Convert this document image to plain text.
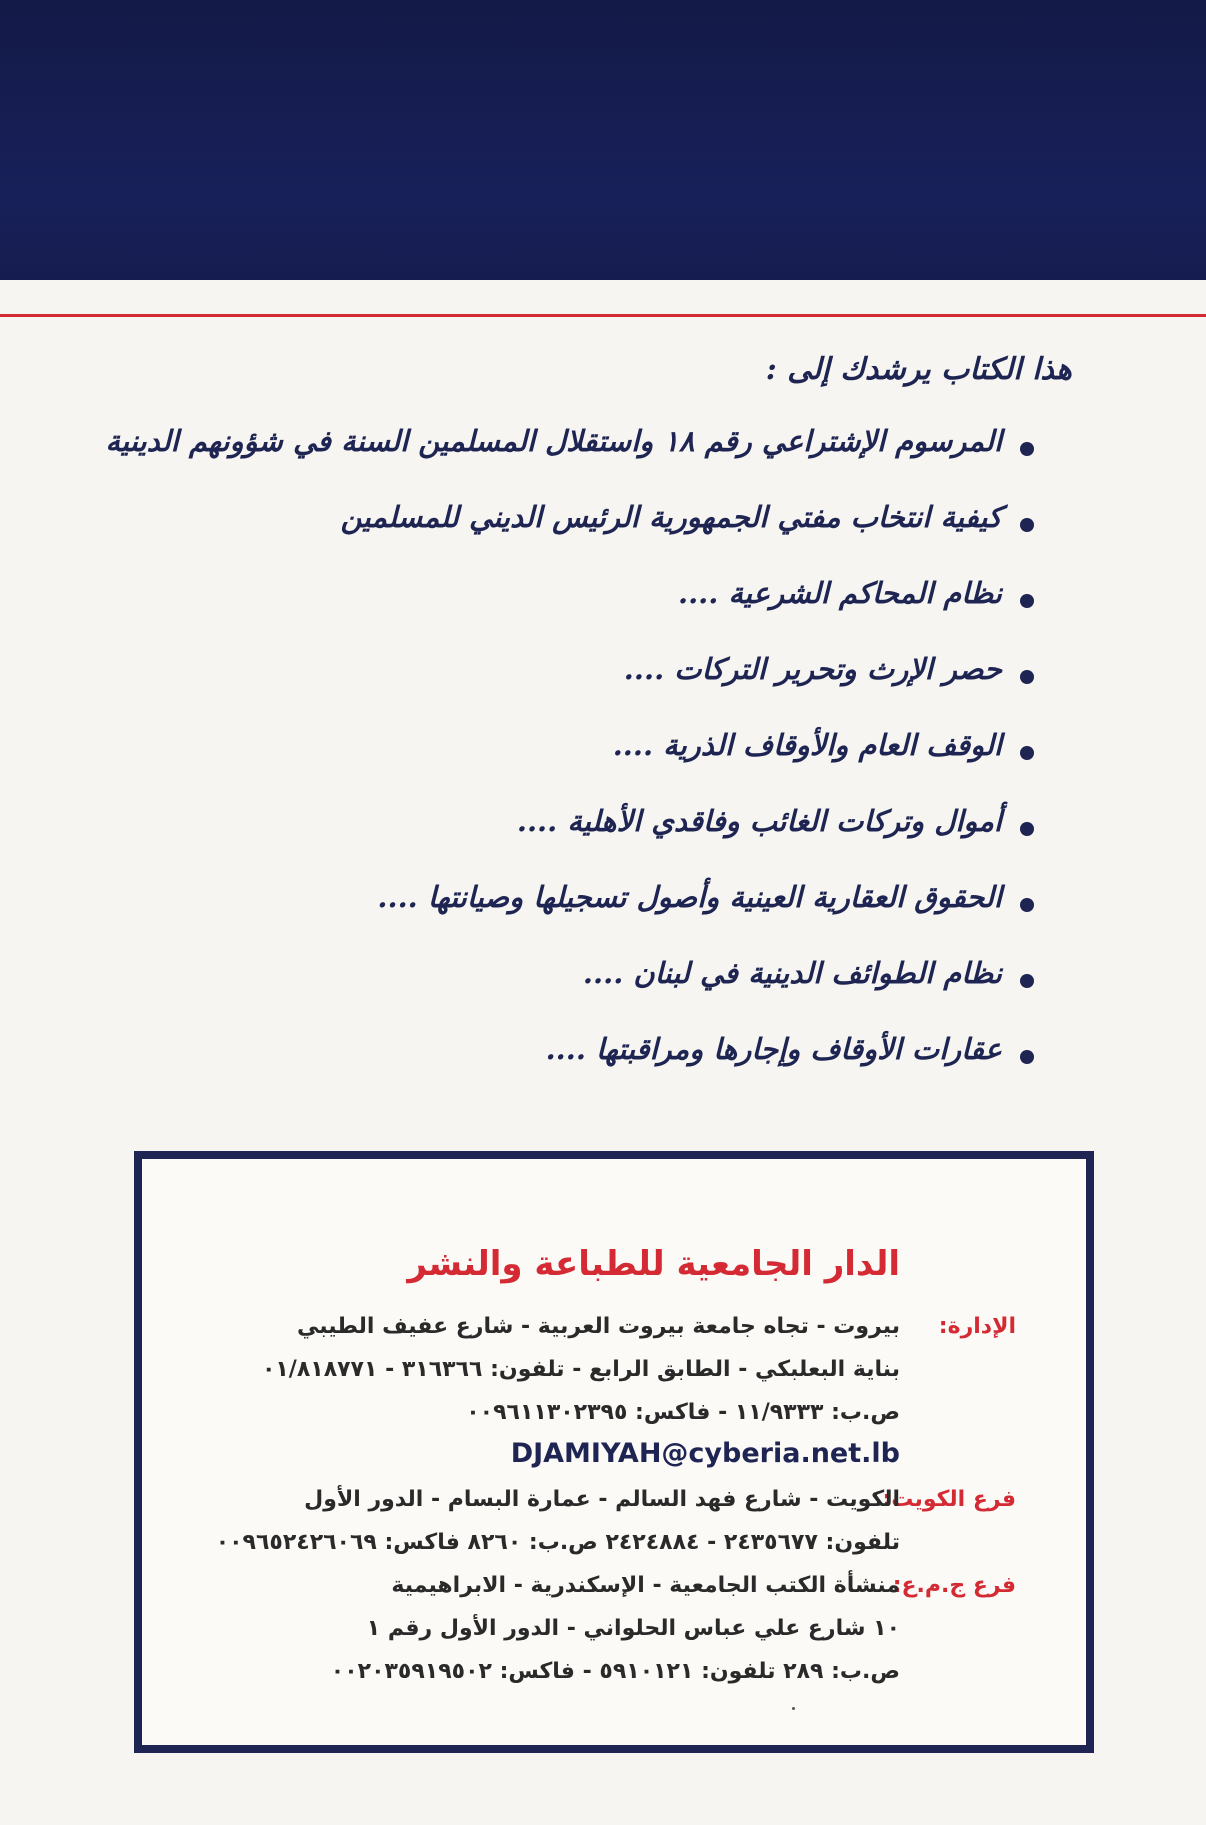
هذا الكتاب يرشدك إلى :
المرسوم الإشتراعي رقم ١٨ واستقلال المسلمين السنة في شؤونهم الدينية
كيفية انتخاب مفتي الجمهورية الرئيس الديني للمسلمين
نظام المحاكم الشرعية ....
حصر الإرث وتحرير التركات ....
الوقف العام والأوقاف الذرية ....
أموال وتركات الغائب وفاقدي الأهلية ....
الحقوق العقارية العينية وأصول تسجيلها وصيانتها ....
نظام الطوائف الدينية في لبنان ....
عقارات الأوقاف وإجارها ومراقبتها ....
الدار الجامعية للطباعة والنشر
الإدارة:
بيروت - تجاه جامعة بيروت العربية - شارع عفيف الطيبي
بناية البعلبكي - الطابق الرابع - تلفون: ٣١٦٣٦٦ - ٠١/٨١٨٧٧١
ص.ب: ١١/٩٣٣٣ - فاكس: ٠٠٩٦١١٣٠٢٣٩٥
DJAMIYAH@cyberia.net.lb
فرع الكويت:
الكويت - شارع فهد السالم - عمارة البسام - الدور الأول
تلفون: ٢٤٣٥٦٧٧ - ٢٤٢٤٨٨٤ ص.ب: ٨٢٦٠ فاكس: ٠٠٩٦٥٢٤٢٦٠٦٩
فرع ج.م.ع:
منشأة الكتب الجامعية - الإسكندرية - الابراهيمية
١٠ شارع علي عباس الحلواني - الدور الأول رقم ١
ص.ب: ٢٨٩ تلفون: ٥٩١٠١٢١ - فاكس: ٠٠٢٠٣٥٩١٩٥٠٢
